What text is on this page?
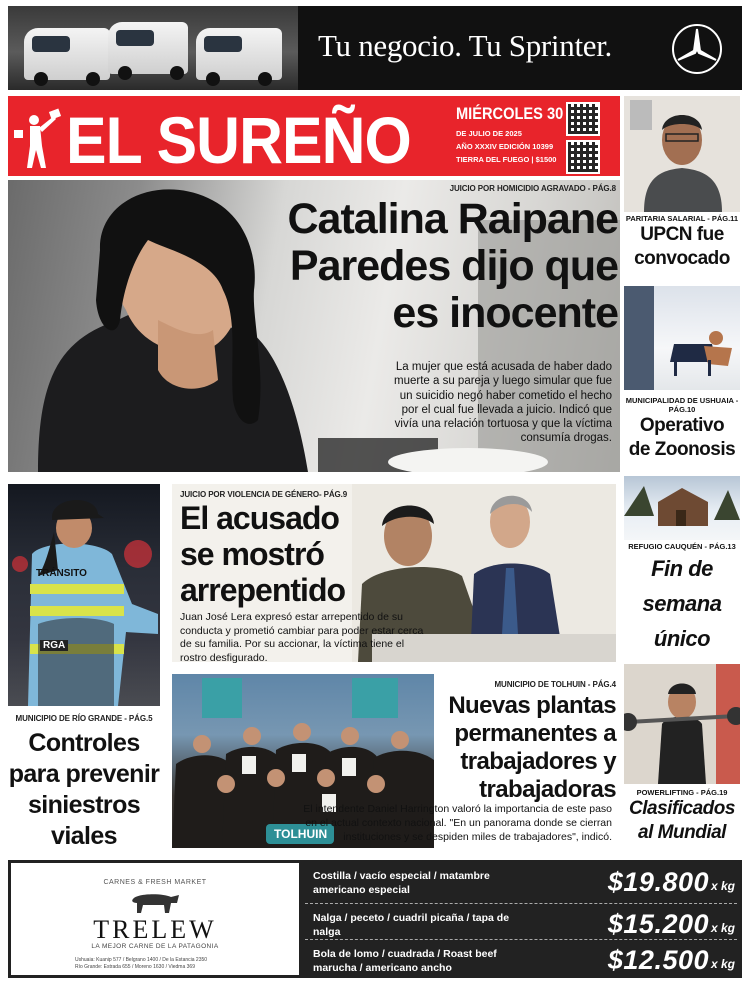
Tu negocio. Tu Sprinter.
EL SUREÑO	MIÉRCOLES 30
DE JULIO DE 2025
AÑO XXXIV EDICIÓN 10399
TIERRA DEL FUEGO | $1500
JUICIO POR HOMICIDIO AGRAVADO - PÁG.8
Catalina Raipane
Paredes dijo que
es inocente
La mujer que está acusada de haber dado muerte a su pareja y luego simular que fue un suicidio negó haber cometido el hecho por el cual fue llevada a juicio. Indicó que vivía una relación tortuosa y que la víctima consumía drogas.
PARITARIA SALARIAL - PÁG.11
UPCN fue
convocado
MUNICIPALIDAD DE USHUAIA - PÁG.10
Operativo
de Zoonosis
REFUGIO CAUQUÉN - PÁG.13
Fin de
semana
único
POWERLIFTING - PÁG.19
Clasificados
al Mundial
TRÁNSITO
RGA
MUNICIPIO DE RÍO GRANDE - PÁG.5
Controles
para prevenir
siniestros
viales
JUICIO POR VIOLENCIA DE GÉNERO- PÁG.9
El acusado
se mostró
arrepentido
Juan José Lera expresó estar arrepentido de su conducta y prometió cambiar para poder estar cerca de su familia. Por su accionar, la víctima tiene el rostro desfigurado.
TOLHUIN
MUNICIPIO DE TOLHUIN - PÁG.4
Nuevas plantas
permanentes a
trabajadores y
trabajadoras
El intendente Daniel Harrington valoró la importancia de este paso en el actual contexto nacional. "En un panorama donde se cierran instituciones y se despiden miles de trabajadores", indicó.
CARNES & FRESH MARKET
TRELEW
LA MEJOR CARNE DE LA PATAGONIA
Ushuaia: Kuanip 577 / Belgrano 1400 / De la Estancia 2350
Río Grande: Estrada 655 / Moreno 1630 / Viedma 369
Costilla / vacío especial / matambre americano especial	$19.800 x kg
Nalga / peceto / cuadril picaña / tapa de nalga	$15.200 x kg
Bola de lomo / cuadrada / Roast beef marucha / americano ancho	$12.500 x kg
